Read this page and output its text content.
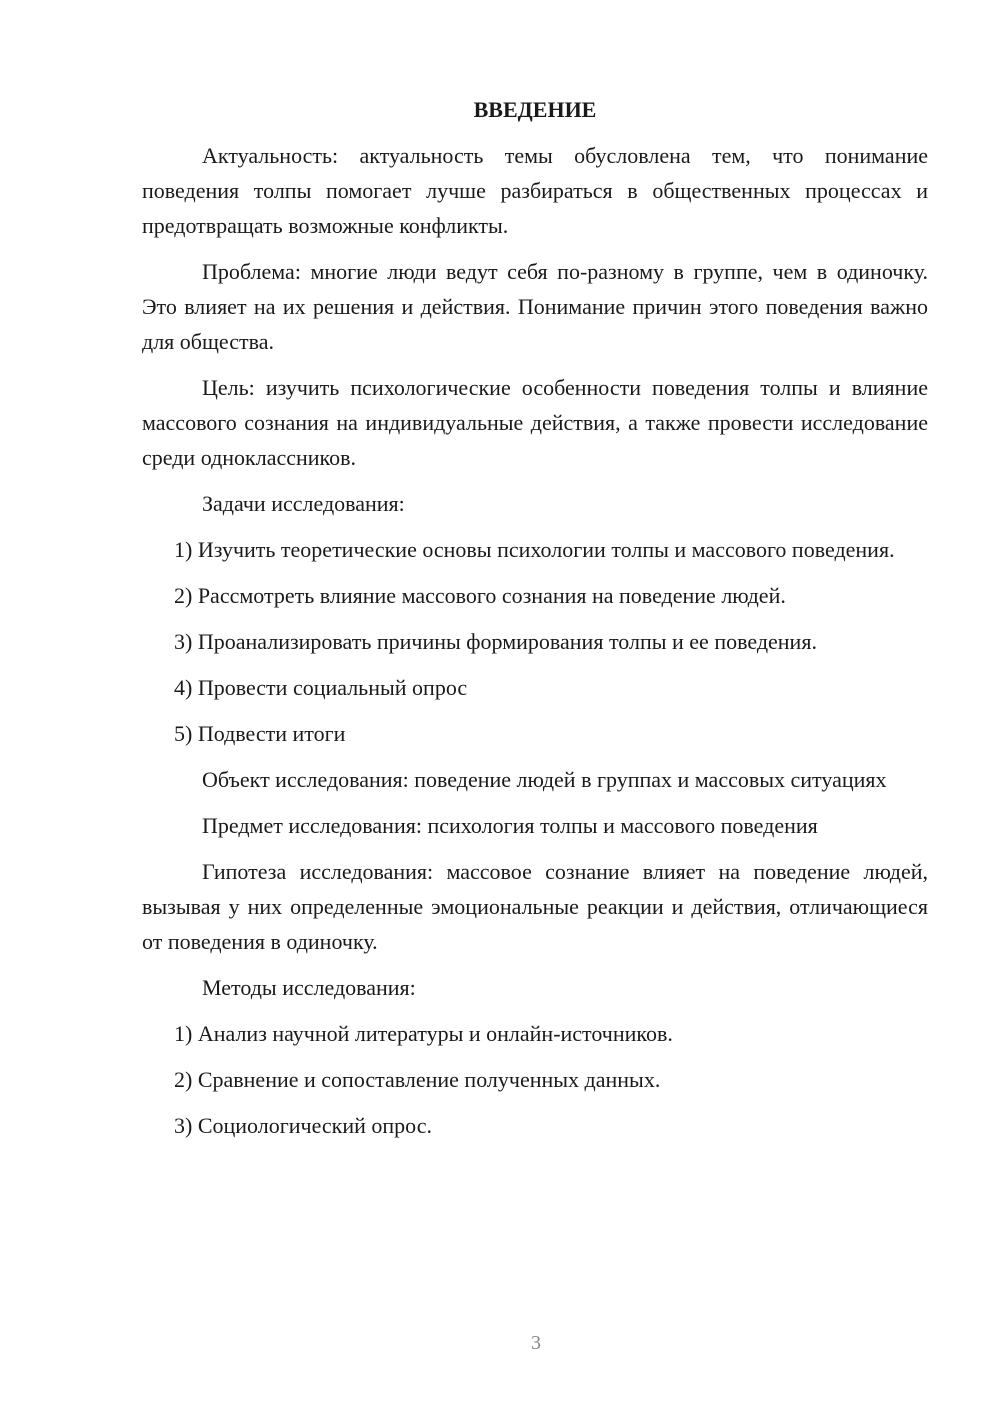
ВВЕДЕНИЕ

Актуальность: актуальность темы обусловлена тем, что понимание поведения толпы помогает лучше разбираться в общественных процессах и предотвращать возможные конфликты.

Проблема: многие люди ведут себя по-разному в группе, чем в одиночку. Это влияет на их решения и действия. Понимание причин этого поведения важно для общества.

Цель: изучить психологические особенности поведения толпы и влияние массового сознания на индивидуальные действия, а также провести исследование среди одноклассников.

Задачи исследования:

1) Изучить теоретические основы психологии толпы и массового поведения.

2) Рассмотреть влияние массового сознания на поведение людей.

3) Проанализировать причины формирования толпы и ее поведения.

4) Провести социальный опрос

5) Подвести итоги

Объект исследования: поведение людей в группах и массовых ситуациях

Предмет исследования: психология толпы и массового поведения

Гипотеза исследования: массовое сознание влияет на поведение людей, вызывая у них определенные эмоциональные реакции и действия, отличающиеся от поведения в одиночку.

Методы исследования:

1) Анализ научной литературы и онлайн-источников.

2) Сравнение и сопоставление полученных данных.

3) Социологический опрос.

3
